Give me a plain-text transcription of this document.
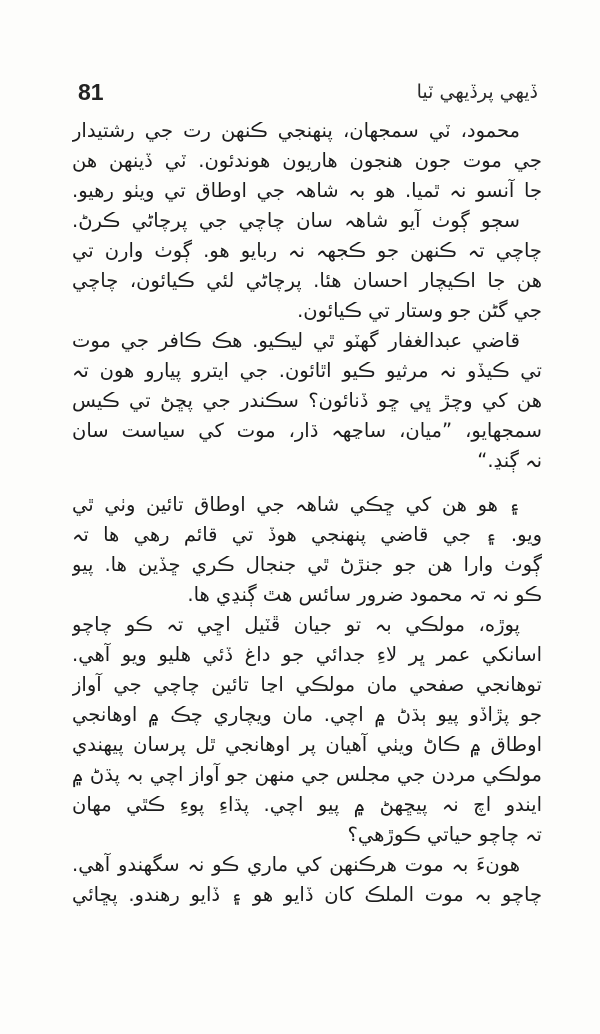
81	ڏيهي پرڏيهي ٽيا
محمود، ٽي سمجهان، پنهنجي ڪنهن رت جي رشتيدار
جي موت جون هنجون هاريون هوندئون. ٽي ڏينهن هن
جا آنسو نہ ٿميا. هو بہ شاهہ جي اوطاق تي ويٺو رهيو.
سڄو ڳوٺ آيو شاهہ سان چاچي جي پرچاڻي ڪرڻ.
چاچي تہ ڪنهن جو ڪجهہ نہ ربايو هو. ڳوٺ وارن تي
هن جا اڪيچار احسان هئا. پرچاڻي لئي ڪيائون، چاچي
جي گڻن جو وستار تي ڪيائون.
قاضي عبدالغفار گهٽو ٿي ليڪيو. هڪ ڪافر جي موت
تي ڪيڏو نہ مرثيو ڪيو اٿائون. جي ايترو پيارو هون تہ
هن کي وچڙ ڀي ڇو ڏنائون؟ سڪندر جي پڇڻ تي ڪيس
سمجهايو، ”ميان، ساڃهہ ڌار، موت کي سياست سان
نہ ڳنڍ.“
۽ هو هن کي ڇڪي شاهہ جي اوطاق تائين وٺي ٿي
ويو. ۽ جي قاضي پنهنجي هوڏ تي قائم رهي ها تہ
ڳوٺ وارا هن جو جنڙڻ ٿي جنجال ڪري ڇڏين ها. پيو
ڪو نہ تہ محمود ضرور سائس هٿ ڳنڍي ها.
پوڙه، مولڪي بہ تو جيان ڦٽيل اڇي تہ ڪو چاچو
اسانکي عمر ڀر لاءِ جدائي جو داغ ڏئي هليو ويو آهي.
توهانجي صفحي مان مولڪي اڃا تائين چاچي جي آواز
جو پڙاڏو پيو ٻڌڻ ۾ اچي. مان ويچاري چڪ ۾ اوهانجي
اوطاق ۾ ڪاڻ ويٺي آهيان پر اوهانجي ٿل پرسان پيهندي
مولڪي مردن جي مجلس جي منهن جو آواز اچي بہ پڌڻ ۾
ايندو اچ نہ پيڇهڻ ۾ پيو اچي. پڌاءِ پوءِ ڪٿي مهان
تہ چاچو حياتي ڪوڙهي؟
هونءَ بہ موت هرڪنهن کي ماري ڪو نہ سگهندو آهي.
چاچو بہ موت الملڪ کان ڏايو هو ۽ ڏايو رهندو. پڇائي
